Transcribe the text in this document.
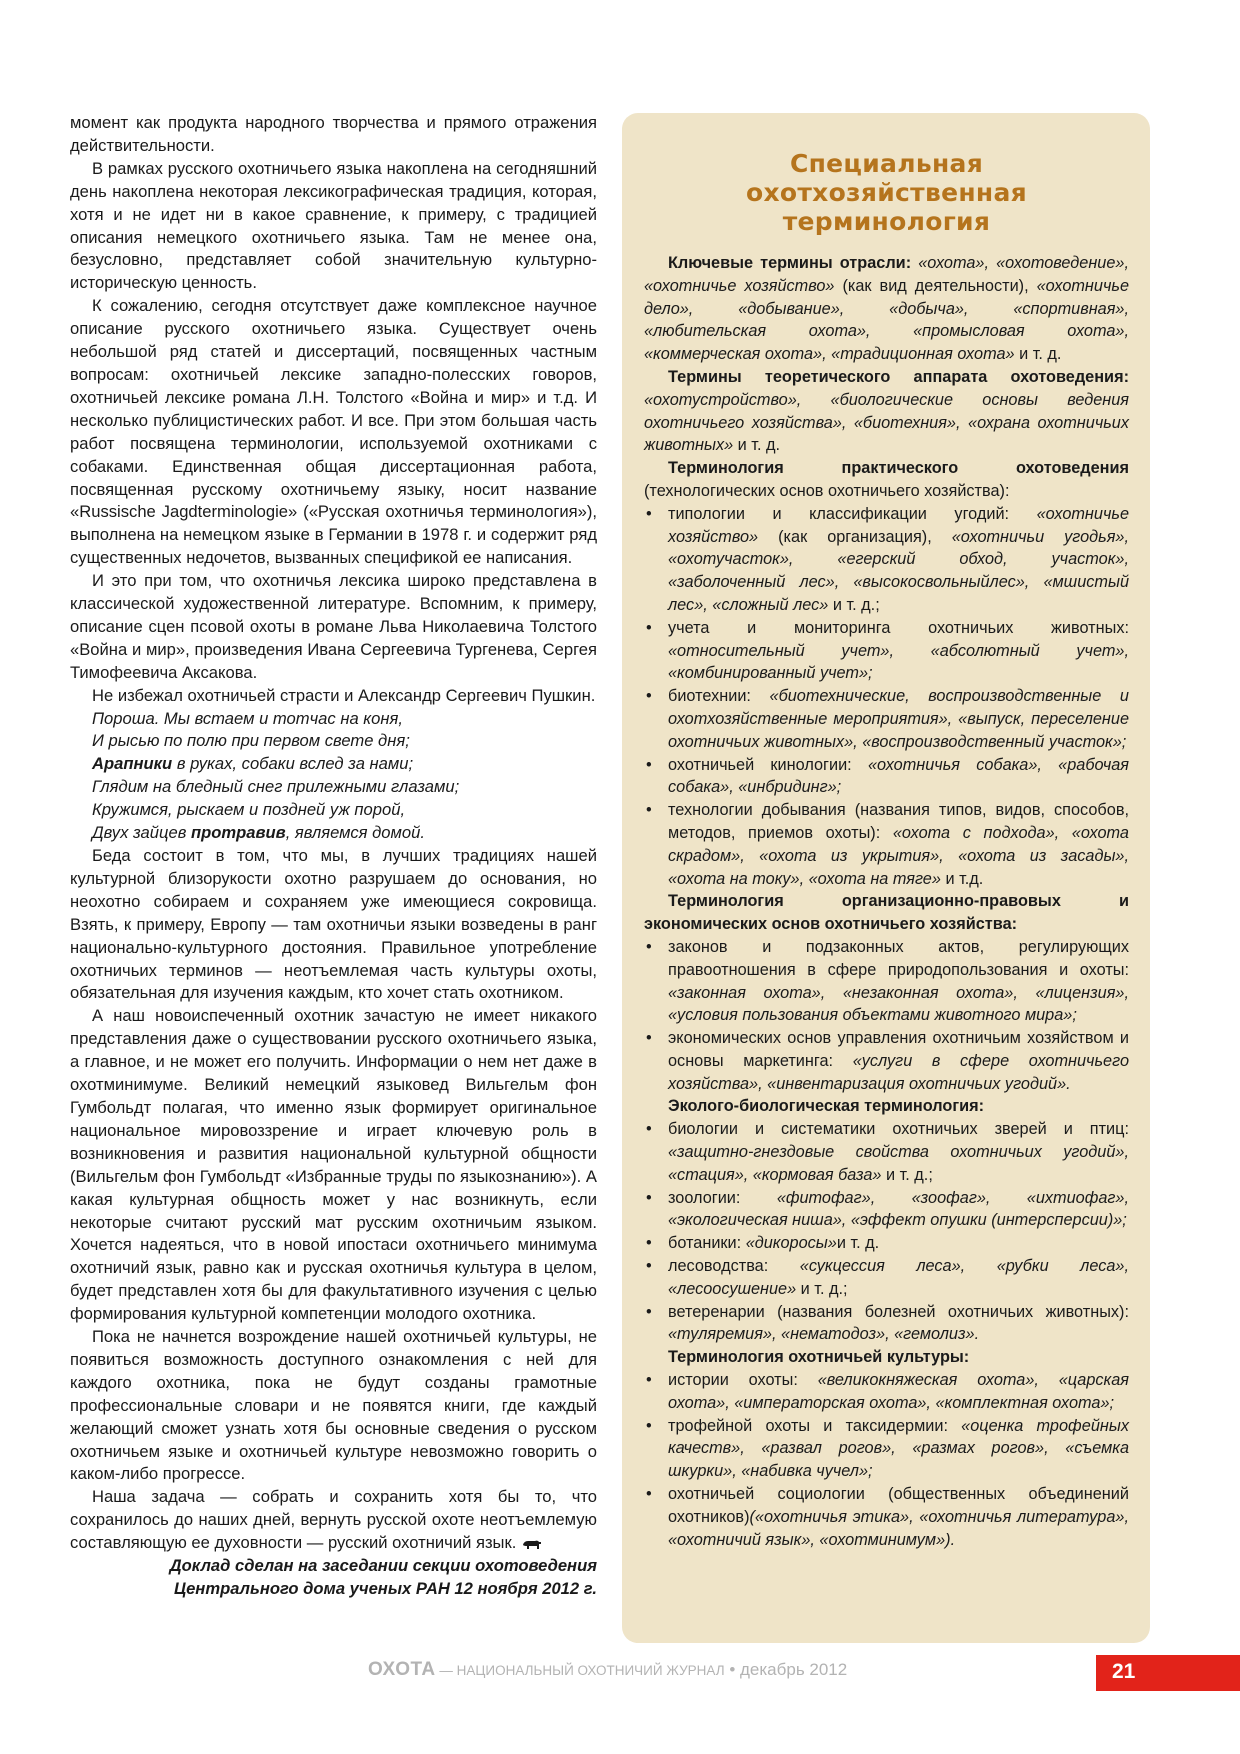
момент как продукта народного творчества и прямого отражения действительности.

В рамках русского охотничьего языка накоплена на сегодняшний день накоплена некоторая лексикографическая традиция, которая, хотя и не идет ни в какое сравнение, к примеру, с традицией описания немецкого охотничьего языка. Там не менее она, безусловно, представляет собой значительную культурно-историческую ценность.

К сожалению, сегодня отсутствует даже комплексное научное описание русского охотничьего языка. Существует очень небольшой ряд статей и диссертаций, посвященных частным вопросам: охотничьей лексике западно-полесских говоров, охотничьей лексике романа Л.Н. Толстого «Война и мир» и т.д. И несколько публицистических работ. И все. При этом большая часть работ посвящена терминологии, используемой охотниками с собаками. Единственная общая диссертационная работа, посвященная русскому охотничьему языку, носит название «Russische Jagdterminologie» («Русская охотничья терминология»), выполнена на немецком языке в Германии в 1978 г. и содержит ряд существенных недочетов, вызванных спецификой ее написания.

И это при том, что охотничья лексика широко представлена в классической художественной литературе. Вспомним, к примеру, описание сцен псовой охоты в романе Льва Николаевича Толстого «Война и мир», произведения Ивана Сергеевича Тургенева, Сергея Тимофеевича Аксакова.

Не избежал охотничьей страсти и Александр Сергеевич Пушкин.

Пороша. Мы встаем и тотчас на коня,
И рысью по полю при первом свете дня;
Арапники в руках, собаки вслед за нами;
Глядим на бледный снег прилежными глазами;
Кружимся, рыскаем и поздней уж порой,
Двух зайцев протравив, являемся домой.

Беда состоит в том, что мы, в лучших традициях нашей культурной близорукости охотно разрушаем до основания, но неохотно собираем и сохраняем уже имеющиеся сокровища. Взять, к примеру, Европу — там охотничьи языки возведены в ранг национально-культурного достояния. Правильное употребление охотничьих терминов — неотъемлемая часть культуры охоты, обязательная для изучения каждым, кто хочет стать охотником.

А наш новоиспеченный охотник зачастую не имеет никакого представления даже о существовании русского охотничьего языка, а главное, и не может его получить. Информации о нем нет даже в охотминимуме. Великий немецкий языковед Вильгельм фон Гумбольдт полагая, что именно язык формирует оригинальное национальное мировоззрение и играет ключевую роль в возникновения и развития национальной культурной общности (Вильгельм фон Гумбольдт «Избранные труды по языкознанию»). А какая культурная общность может у нас возникнуть, если некоторые считают русский мат русским охотничьим языком. Хочется надеяться, что в новой ипостаси охотничьего минимума охотничий язык, равно как и русская охотничья культура в целом, будет представлен хотя бы для факультативного изучения с целью формирования культурной компетенции молодого охотника.

Пока не начнется возрождение нашей охотничьей культуры, не появиться возможность доступного ознакомления с ней для каждого охотника, пока не будут созданы грамотные профессиональные словари и не появятся книги, где каждый желающий сможет узнать хотя бы основные сведения о русском охотничьем языке и охотничьей культуре невозможно говорить о каком-либо прогрессе.

Наша задача — собрать и сохранить хотя бы то, что сохранилось до наших дней, вернуть русской охоте неотъемлемую составляющую ее духовности — русский охотничий язык.

Доклад сделан на заседании секции охотоведения
Центрального дома ученых РАН 12 ноября 2012 г.
Специальная
охотхозяйственная
терминология

Ключевые термины отрасли: «охота», «охотоведение», «охотничье хозяйство» (как вид деятельности), «охотничье дело», «добывание», «добыча», «спортивная», «любительская охота», «промысловая охота», «коммерческая охота», «традиционная охота» и т. д.

Термины теоретического аппарата охотоведения: «охотустройство», «биологические основы ведения охотничьего хозяйства», «биотехния», «охрана охотничьих животных» и т. д.

Терминология практического охотоведения (технологических основ охотничьего хозяйства):

• типологии и классификации угодий: «охотничье хозяйство» (как организация), «охотничьи угодья», «охотучасток», «егерский обход, участок», «заболоченный лес», «высокосвольныйлес», «мшистый лес», «сложный лес» и т. д.;
• учета и мониторинга охотничьих животных: «относительный учет», «абсолютный учет», «комбинированный учет»;
• биотехнии: «биотехнические, воспроизводственные и охотхозяйственные мероприятия», «выпуск, переселение охотничьих животных», «воспроизводственный участок»;
• охотничьей кинологии: «охотничья собака», «рабочая собака», «инбридинг»;
• технологии добывания (названия типов, видов, способов, методов, приемов охоты): «охота с подхода», «охота скрадом», «охота из укрытия», «охота из засады», «охота на току», «охота на тяге» и т.д.

Терминология организационно-правовых и экономических основ охотничьего хозяйства:

• законов и подзаконных актов, регулирующих правоотношения в сфере природопользования и охоты: «законная охота», «незаконная охота», «лицензия», «условия пользования объектами животного мира»;
• экономических основ управления охотничьим хозяйством и основы маркетинга: «услуги в сфере охотничьего хозяйства», «инвентаризация охотничьих угодий».

Эколого-биологическая терминология:

• биологии и систематики охотничьих зверей и птиц: «защитно-гнездовые свойства охотничьих угодий», «стация», «кормовая база» и т. д.;
• зоологии: «фитофаг», «зоофаг», «ихтиофаг», «экологическая ниша», «эффект опушки (интерсперсии)»;
• ботаники: «дикоросы»и т. д.
• лесоводства: «сукцессия леса», «рубки леса», «лесоосушение» и т. д.;
• ветеренарии (названия болезней охотничьих животных): «туляремия», «нематодоз», «гемолиз».

Терминология охотничьей культуры:

• истории охоты: «великокняжеская охота», «царская охота», «императорская охота», «комплектная охота»;
• трофейной охоты и таксидермии: «оценка трофейных качеств», «развал рогов», «размах рогов», «съемка шкурки», «набивка чучел»;
• охотничьей социологии (общественных объединений охотников)(«охотничья этика», «охотничья литература», «охотничий язык», «охотминимум»).
ОХОТА — НАЦИОНАЛЬНЫЙ ОХОТНИЧИЙ ЖУРНАЛ • декабрь 2012	21
